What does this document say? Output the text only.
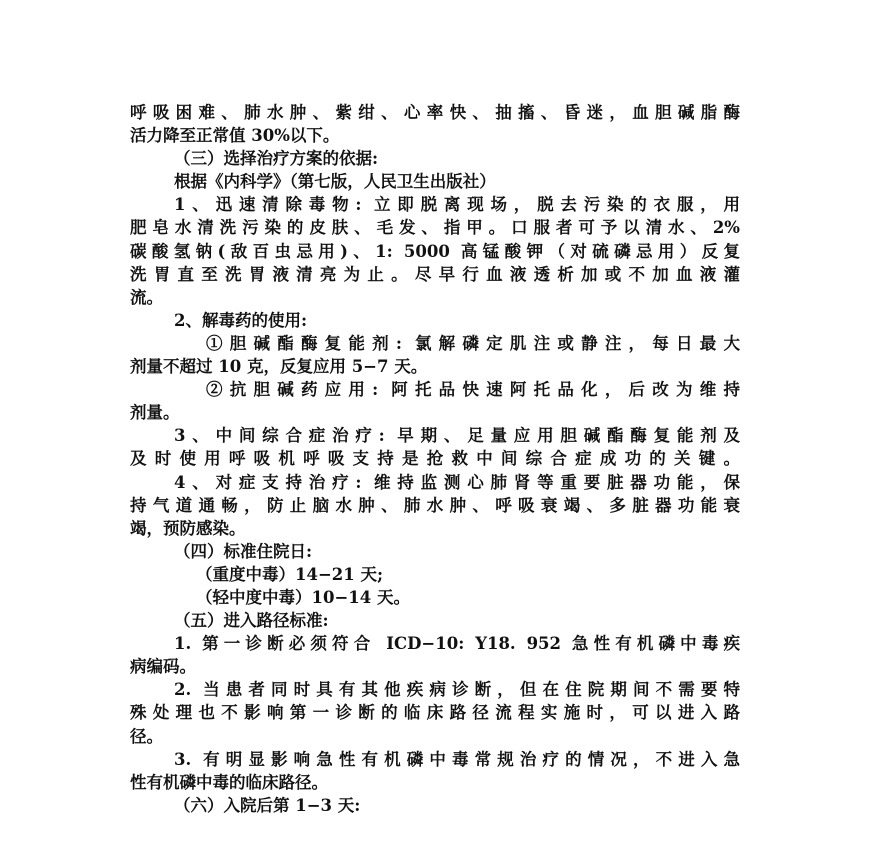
呼吸困难、肺水肿、紫绀、心率快、抽搐、昏迷，血胆碱脂酶
活力降至正常值 30%以下。
（三）选择治疗方案的依据:
根据《内科学》（第七版，人民卫生出版社）
1、迅速清除毒物: 立即脱离现场，脱去污染的衣服，用
肥皂水清洗污染的皮肤、毛发、指甲。口服者可予以清水、2%
碳酸氢钠(敌百虫忌用)、1: 5000 高锰酸钾（对硫磷忌用）反复
洗胃直至洗胃液清亮为止。尽早行血液透析加或不加血液灌
流。
2、解毒药的使用:
①胆碱酯酶复能剂: 氯解磷定肌注或静注，每日最大
剂量不超过 10 克，反复应用 5−7 天。
②抗胆碱药应用: 阿托品快速阿托品化，后改为维持
剂量。
3、中间综合症治疗: 早期、足量应用胆碱酯酶复能剂及
及时使用呼吸机呼吸支持是抢救中间综合症成功的关键。
4、对症支持治疗: 维持监测心肺肾等重要脏器功能，保
持气道通畅，防止脑水肿、肺水肿、呼吸衰竭、多脏器功能衰
竭，预防感染。
（四）标准住院日:
（重度中毒）14−21 天;
（轻中度中毒）10−14 天。
（五）进入路径标准:
1. 第一诊断必须符合 ICD−10: Y18. 952 急性有机磷中毒疾
病编码。
2. 当患者同时具有其他疾病诊断，但在住院期间不需要特
殊处理也不影响第一诊断的临床路径流程实施时，可以进入路
径。
3. 有明显影响急性有机磷中毒常规治疗的情况，不进入急
性有机磷中毒的临床路径。
（六）入院后第 1−3 天:
